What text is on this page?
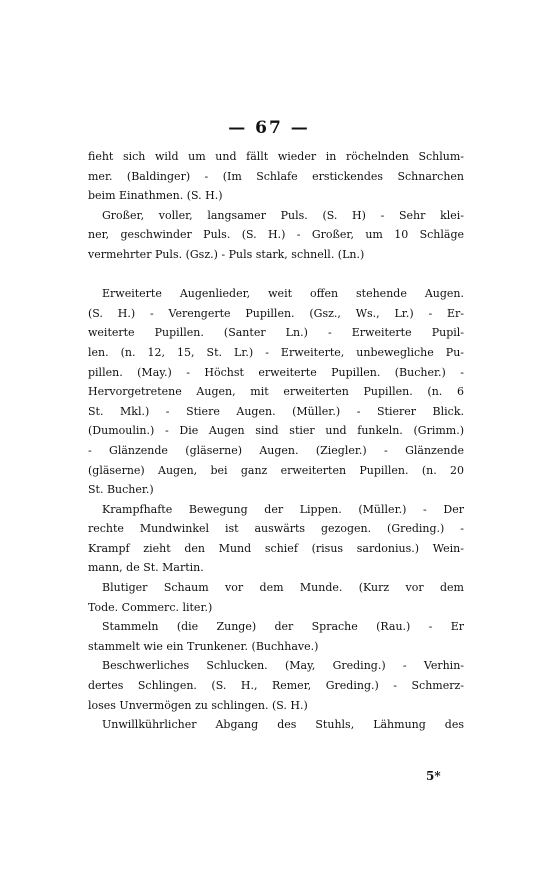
— 67 —
fieht sich wild um und fällt wieder in röchelnden Schlum-
mer. (Baldinger) - (Im Schlafe erstickendes Schnarchen
beim Einathmen. (S. H.)
Großer, voller, langsamer Puls. (S. H) - Sehr klei-
ner, geschwinder Puls. (S. H.) - Großer, um 10 Schläge
vermehrter Puls. (Gsz.) - Puls stark, schnell. (Ln.)
Erweiterte Augenlieder, weit offen stehende Augen.
(S. H.) - Verengerte Pupillen. (Gsz., Ws., Lr.) - Er-
weiterte Pupillen. (Santer Ln.) - Erweiterte Pupil-
len. (n. 12, 15, St. Lr.) - Erweiterte, unbewegliche Pu-
pillen. (May.) - Höchst erweiterte Pupillen. (Bucher.) -
Hervorgetretene Augen, mit erweiterten Pupillen. (n. 6
St. Mkl.) - Stiere Augen. (Müller.) - Stierer Blick.
(Dumoulin.) - Die Augen sind stier und funkeln. (Grimm.)
- Glänzende (gläserne) Augen. (Ziegler.) - Glänzende
(gläserne) Augen, bei ganz erweiterten Pupillen. (n. 20
St. Bucher.)
Krampfhafte Bewegung der Lippen. (Müller.) - Der
rechte Mundwinkel ist auswärts gezogen. (Greding.) -
Krampf zieht den Mund schief (risus sardonius.) Wein-
mann, de St. Martin.
Blutiger Schaum vor dem Munde. (Kurz vor dem
Tode. Commerc. liter.)
Stammeln (die Zunge) der Sprache (Rau.) - Er
stammelt wie ein Trunkener. (Buchhave.)
Beschwerliches Schlucken. (May, Greding.) - Verhin-
dertes Schlingen. (S. H., Remer, Greding.) - Schmerz-
loses Unvermögen zu schlingen. (S. H.)
Unwillkührlicher Abgang des Stuhls, Lähmung des
5*
